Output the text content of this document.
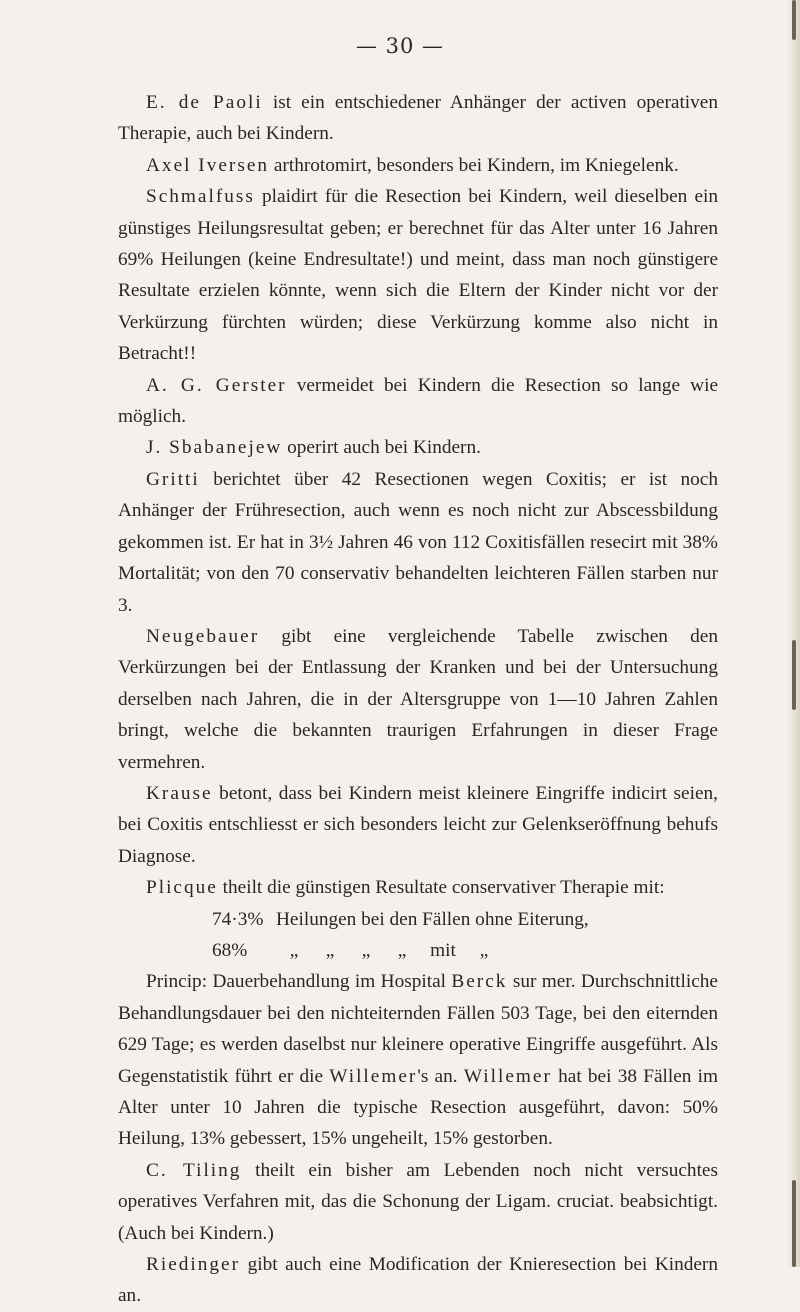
— 30 —

E. de Paoli ist ein entschiedener Anhänger der activen operativen Therapie, auch bei Kindern.

Axel Iversen arthrotomirt, besonders bei Kindern, im Kniegelenk.

Schmalfuss plaidirt für die Resection bei Kindern, weil dieselben ein günstiges Heilungsresultat geben; er berechnet für das Alter unter 16 Jahren 69% Heilungen (keine Endresultate!) und meint, dass man noch günstigere Resultate erzielen könnte, wenn sich die Eltern der Kinder nicht vor der Verkürzung fürchten würden; diese Verkürzung komme also nicht in Betracht!!

A. G. Gerster vermeidet bei Kindern die Resection so lange wie möglich.

J. Sbabanejew operirt auch bei Kindern.

Gritti berichtet über 42 Resectionen wegen Coxitis; er ist noch Anhänger der Frühresection, auch wenn es noch nicht zur Abscessbildung gekommen ist. Er hat in 3½ Jahren 46 von 112 Coxitisfällen resecirt mit 38% Mortalität; von den 70 conservativ behandelten leichteren Fällen starben nur 3.

Neugebauer gibt eine vergleichende Tabelle zwischen den Verkürzungen bei der Entlassung der Kranken und bei der Untersuchung derselben nach Jahren, die in der Altersgruppe von 1—10 Jahren Zahlen bringt, welche die bekannten traurigen Erfahrungen in dieser Frage vermehren.

Krause betont, dass bei Kindern meist kleinere Eingriffe indicirt seien, bei Coxitis entschliesst er sich besonders leicht zur Gelenkseröffnung behufs Diagnose.

Plicque theilt die günstigen Resultate conservativer Therapie mit:

74·3% Heilungen bei den Fällen ohne Eiterung,
68% „ „ „ „ mit „

Princip: Dauerbehandlung im Hospital Berck sur mer. Durchschnittliche Behandlungsdauer bei den nichteiternden Fällen 503 Tage, bei den eiternden 629 Tage; es werden daselbst nur kleinere operative Eingriffe ausgeführt. Als Gegenstatistik führt er die Willemer's an. Willemer hat bei 38 Fällen im Alter unter 10 Jahren die typische Resection ausgeführt, davon: 50% Heilung, 13% gebessert, 15% ungeheilt, 15% gestorben.

C. Tiling theilt ein bisher am Lebenden noch nicht versuchtes operatives Verfahren mit, das die Schonung der Ligam. cruciat. beabsichtigt. (Auch bei Kindern.)

Riedinger gibt auch eine Modification der Knieresection bei Kindern an.
